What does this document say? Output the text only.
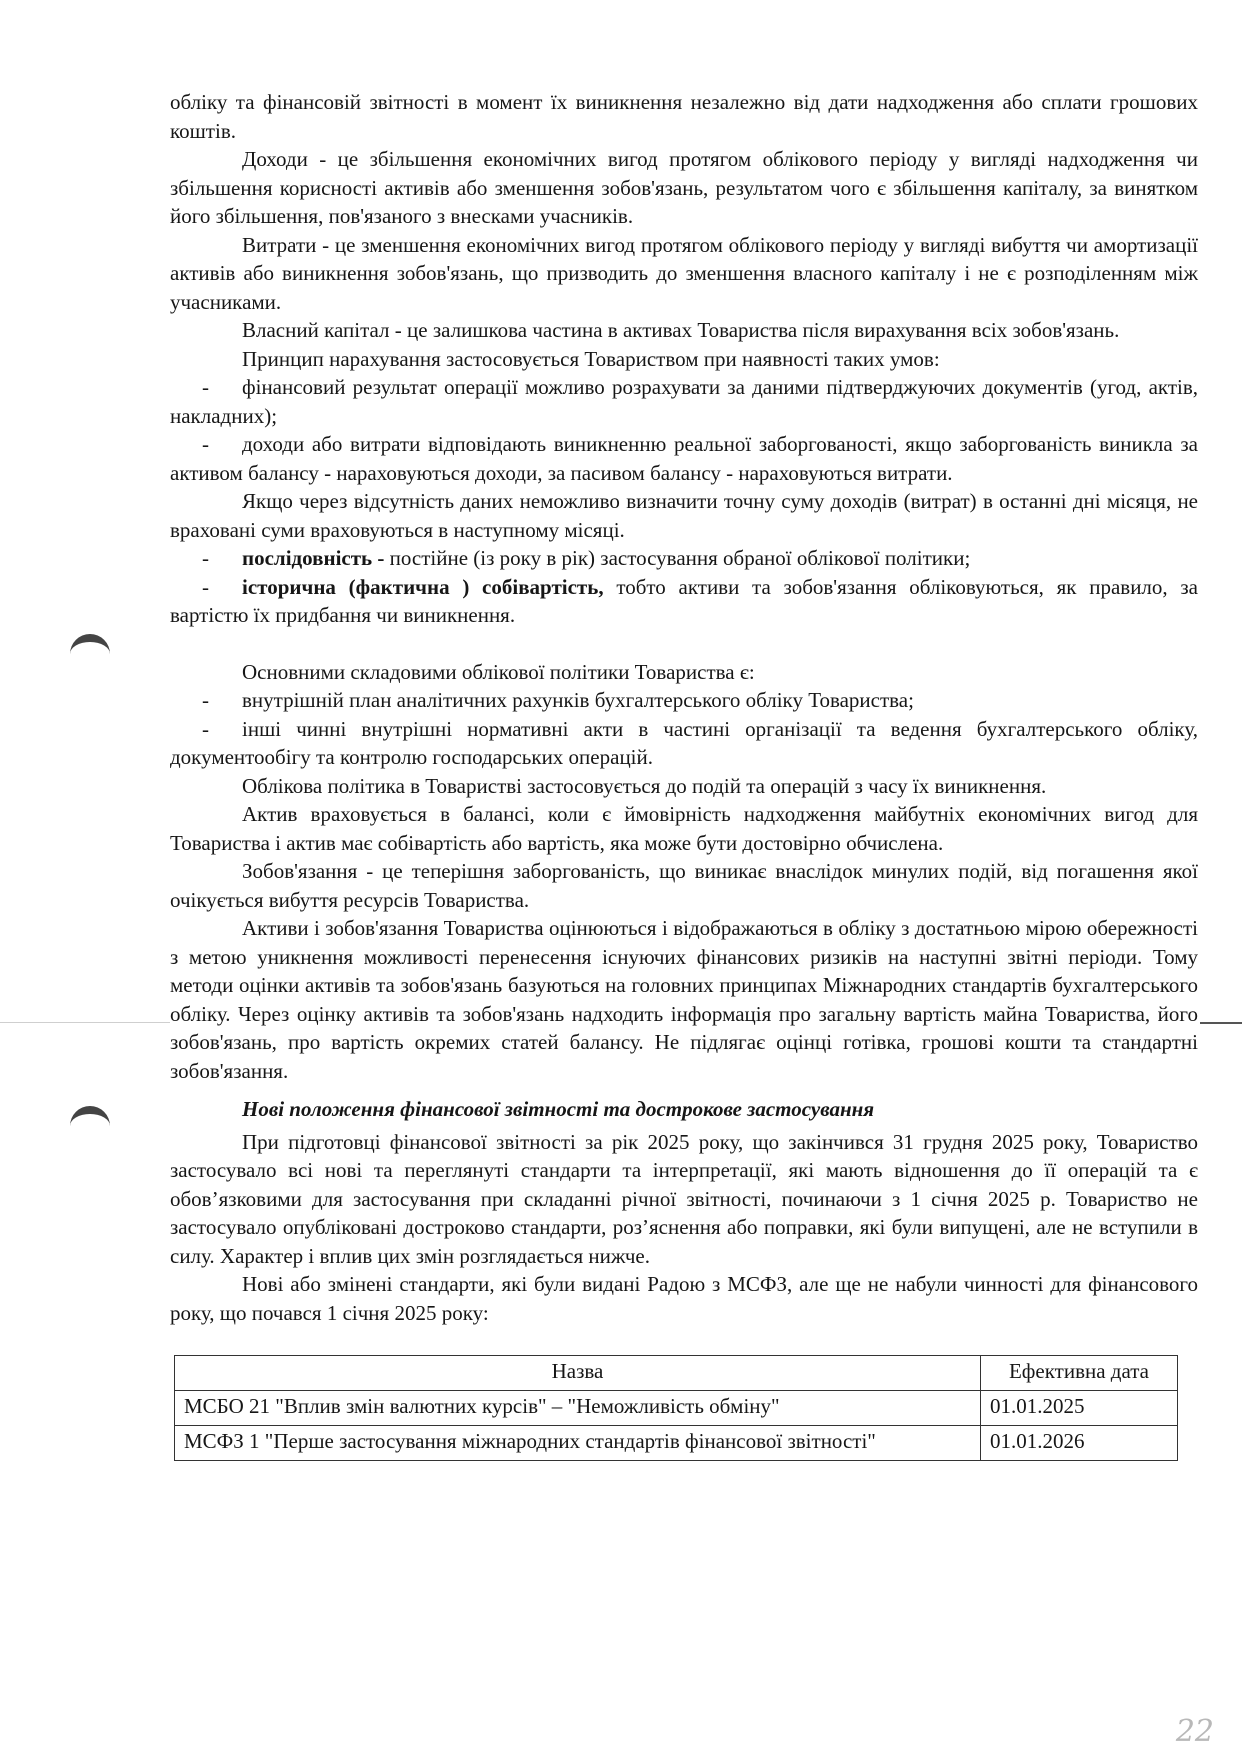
обліку та фінансовій звітності в момент їх виникнення незалежно від дати надходження або сплати грошових коштів.

Доходи - це збільшення економічних вигод протягом облікового періоду у вигляді надходження чи збільшення корисності активів або зменшення зобов'язань, результатом чого є збільшення капіталу, за винятком його збільшення, пов'язаного з внесками учасників.

Витрати - це зменшення економічних вигод протягом облікового періоду у вигляді вибуття чи амортизації активів або виникнення зобов'язань, що призводить до зменшення власного капіталу і не є розподіленням між учасниками.

Власний капітал - це залишкова частина в активах Товариства після вирахування всіх зобов'язань.

Принцип нарахування застосовується Товариством при наявності таких умов:

- фінансовий результат операції можливо розрахувати за даними підтверджуючих документів (угод, актів, накладних);

- доходи або витрати відповідають виникненню реальної заборгованості, якщо заборгованість виникла за активом балансу - нараховуються доходи, за пасивом балансу - нараховуються витрати.

Якщо через відсутність даних неможливо визначити точну суму доходів (витрат) в останні дні місяця, не враховані суми враховуються в наступному місяці.

- послідовність - постійне (із року в рік) застосування обраної облікової політики;

- історична (фактична ) собівартість, тобто активи та зобов'язання обліковуються, як правило, за вартістю їх придбання чи виникнення.

Основними складовими облікової політики Товариства є:

- внутрішній план аналітичних рахунків бухгалтерського обліку Товариства;

- інші чинні внутрішні нормативні акти в частині організації та ведення бухгалтерського обліку, документообігу та контролю господарських операцій.

Облікова політика в Товаристві застосовується до подій та операцій з часу їх виникнення.

Актив враховується в балансі, коли є ймовірність надходження майбутніх економічних вигод для Товариства і актив має собівартість або вартість, яка може бути достовірно обчислена.

Зобов'язання - це теперішня заборгованість, що виникає внаслідок минулих подій, від погашення якої очікується вибуття ресурсів Товариства.

Активи і зобов'язання Товариства оцінюються і відображаються в обліку з достатньою мірою обережності з метою уникнення можливості перенесення існуючих фінансових ризиків на наступні звітні періоди. Тому методи оцінки активів та зобов'язань базуються на головних принципах Міжнародних стандартів бухгалтерського обліку. Через оцінку активів та зобов'язань надходить інформація про загальну вартість майна Товариства, його зобов'язань, про вартість окремих статей балансу. Не підлягає оцінці готівка, грошові кошти та стандартні зобов'язання.

Нові положення фінансової звітності та дострокове застосування

При підготовці фінансової звітності за рік 2025 року, що закінчився 31 грудня 2025 року, Товариство застосувало всі нові та переглянуті стандарти та інтерпретації, які мають відношення до її операцій та є обов’язковими для застосування при складанні річної звітності, починаючи з 1 січня 2025 р. Товариство не застосувало опубліковані достроково стандарти, роз’яснення або поправки, які були випущені, але не вступили в силу. Характер і вплив цих змін розглядається нижче.

Нові або змінені стандарти, які були видані Радою з МСФЗ, але ще не набули чинності для фінансового року, що почався 1 січня 2025 року:

Назва	Ефективна дата
МСБО 21 "Вплив змін валютних курсів" – "Неможливість обміну"	01.01.2025
МСФЗ 1 "Перше застосування міжнародних стандартів фінансової звітності"	01.01.2026
22
